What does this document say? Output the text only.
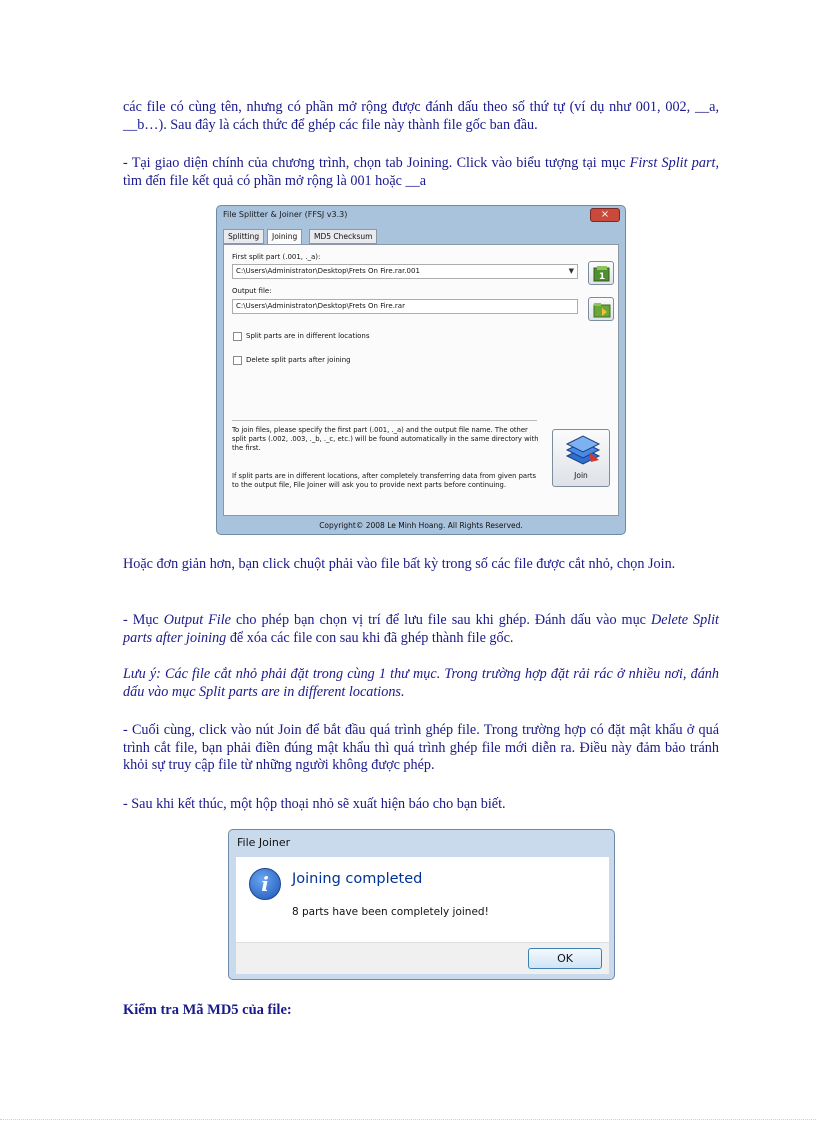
các file có cùng tên, nhưng có phần mở rộng được đánh dấu theo số thứ tự (ví dụ như 001, 002, __a, __b…). Sau đây là cách thức để ghép các file này thành file gốc ban đầu.
- Tại giao diện chính của chương trình, chọn tab Joining. Click vào biểu tượng tại mục First Split part, tìm đến file kết quả có phần mở rộng là 001 hoặc __a
File Splitter & Joiner (FFSJ v3.3)	×
Splitting	Joining	MD5 Checksum
First split part (.001, ._a):
C:\Users\Administrator\Desktop\Frets On Fire.rar.001	▼
1
Output file:
C:\Users\Administrator\Desktop\Frets On Fire.rar
Split parts are in different locations
Delete split parts after joining
To join files, please specify the first part (.001, ._a) and the output file name. The other split parts (.002, .003, ._b, ._c, etc.) will be found automatically in the same directory with the first.
If split parts are in different locations, after completely transferring data from given parts to the output file, File Joiner will ask you to provide next parts before continuing.
Join
Copyright© 2008 Le Minh Hoang. All Rights Reserved.
Hoặc đơn giản hơn, bạn click chuột phải vào file bất kỳ trong số các file được cắt nhỏ, chọn Join.
- Mục Output File cho phép bạn chọn vị trí để lưu file sau khi ghép. Đánh dấu vào mục Delete Split parts after joining để xóa các file con sau khi đã ghép thành file gốc.
Lưu ý: Các file cắt nhỏ phải đặt trong cùng 1 thư mục. Trong trường hợp đặt rải rác ở nhiều nơi, đánh dấu vào mục Split parts are in different locations.
- Cuối cùng, click vào nút Join để bắt đầu quá trình ghép file. Trong trường hợp có đặt mật khẩu ở quá trình cắt file, bạn phải điền đúng mật khẩu thì quá trình ghép file mới diễn ra. Điều này đảm bảo tránh khỏi sự truy cập file từ những người không được phép.
- Sau khi kết thúc, một hộp thoại nhỏ sẽ xuất hiện báo cho bạn biết.
File Joiner
i	Joining completed
8 parts have been completely joined!
OK
Kiểm tra Mã MD5 của file:
